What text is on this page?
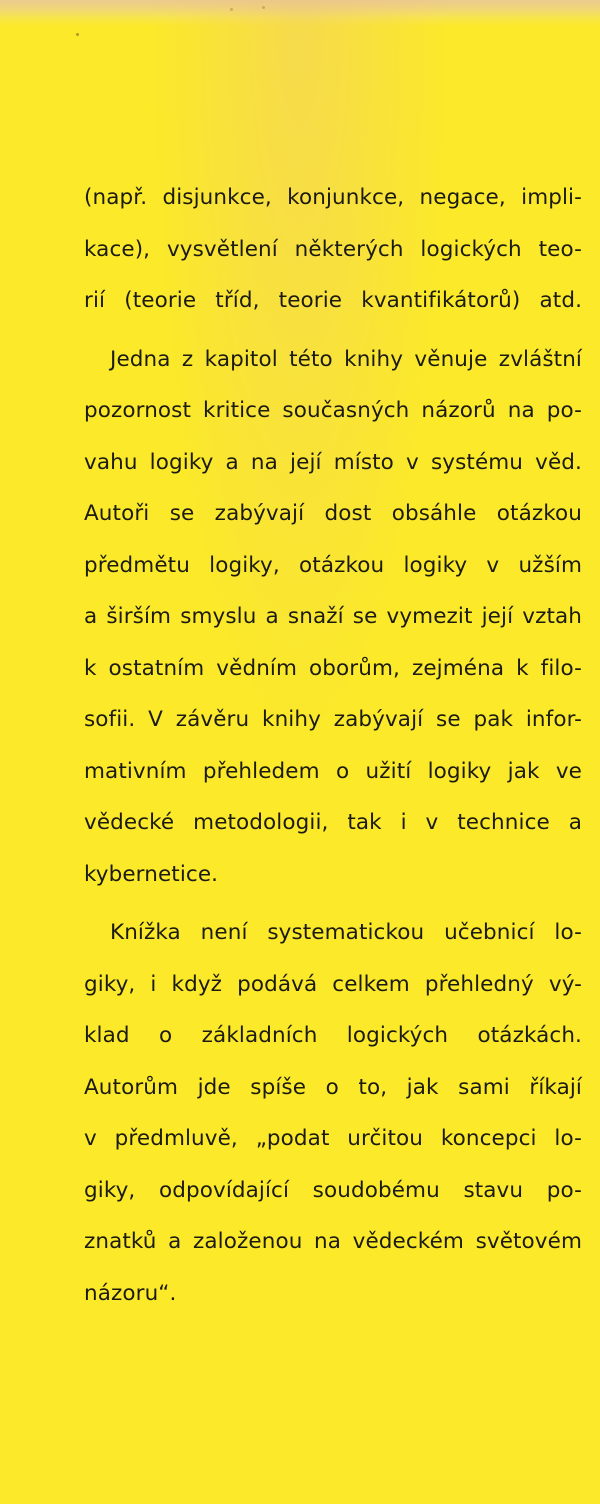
(např. disjunkce, konjunkce, negace, impli-
kace), vysvětlení některých logických teo-
rií (teorie tříd, teorie kvantifikátorů) atd.
Jedna z kapitol této knihy věnuje zvláštní
pozornost kritice současných názorů na po-
vahu logiky a na její místo v systému věd.
Autoři se zabývají dost obsáhle otázkou
předmětu logiky, otázkou logiky v užším
a širším smyslu a snaží se vymezit její vztah
k ostatním vědním oborům, zejména k filo-
sofii. V závěru knihy zabývají se pak infor-
mativním přehledem o užití logiky jak ve
vědecké metodologii, tak i v technice a
kybernetice.
Knížka není systematickou učebnicí lo-
giky, i když podává celkem přehledný vý-
klad o základních logických otázkách.
Autorům jde spíše o to, jak sami říkají
v předmluvě, „podat určitou koncepci lo-
giky, odpovídající soudobému stavu po-
znatků a založenou na vědeckém světovém
názoru“.
